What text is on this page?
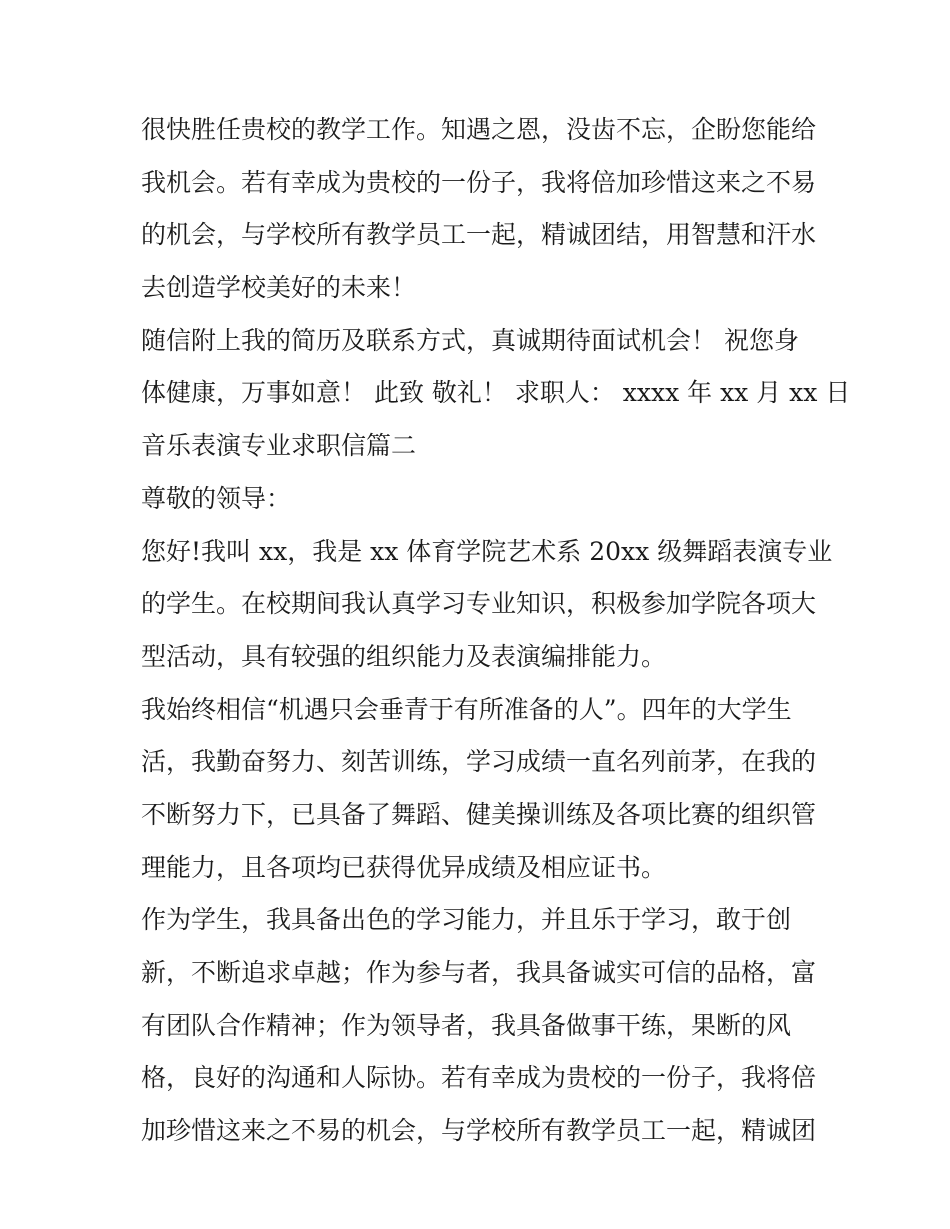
很快胜任贵校的教学工作。知遇之恩，没齿不忘，企盼您能给
我机会。若有幸成为贵校的一份子，我将倍加珍惜这来之不易
的机会，与学校所有教学员工一起，精诚团结，用智慧和汗水
去创造学校美好的未来！
随信附上我的简历及联系方式，真诚期待面试机会！ 祝您身
体健康，万事如意！ 此致 敬礼！ 求职人： xxxx 年 xx 月 xx 日
音乐表演专业求职信篇二
尊敬的领导：
您好!我叫 xx，我是 xx 体育学院艺术系 20xx 级舞蹈表演专业
的学生。在校期间我认真学习专业知识，积极参加学院各项大
型活动，具有较强的组织能力及表演编排能力。
我始终相信“机遇只会垂青于有所准备的人”。四年的大学生
活，我勤奋努力、刻苦训练，学习成绩一直名列前茅，在我的
不断努力下，已具备了舞蹈、健美操训练及各项比赛的组织管
理能力，且各项均已获得优异成绩及相应证书。
作为学生，我具备出色的学习能力，并且乐于学习，敢于创
新，不断追求卓越；作为参与者，我具备诚实可信的品格，富
有团队合作精神；作为领导者，我具备做事干练，果断的风
格，良好的沟通和人际协。若有幸成为贵校的一份子，我将倍
加珍惜这来之不易的机会，与学校所有教学员工一起，精诚团
